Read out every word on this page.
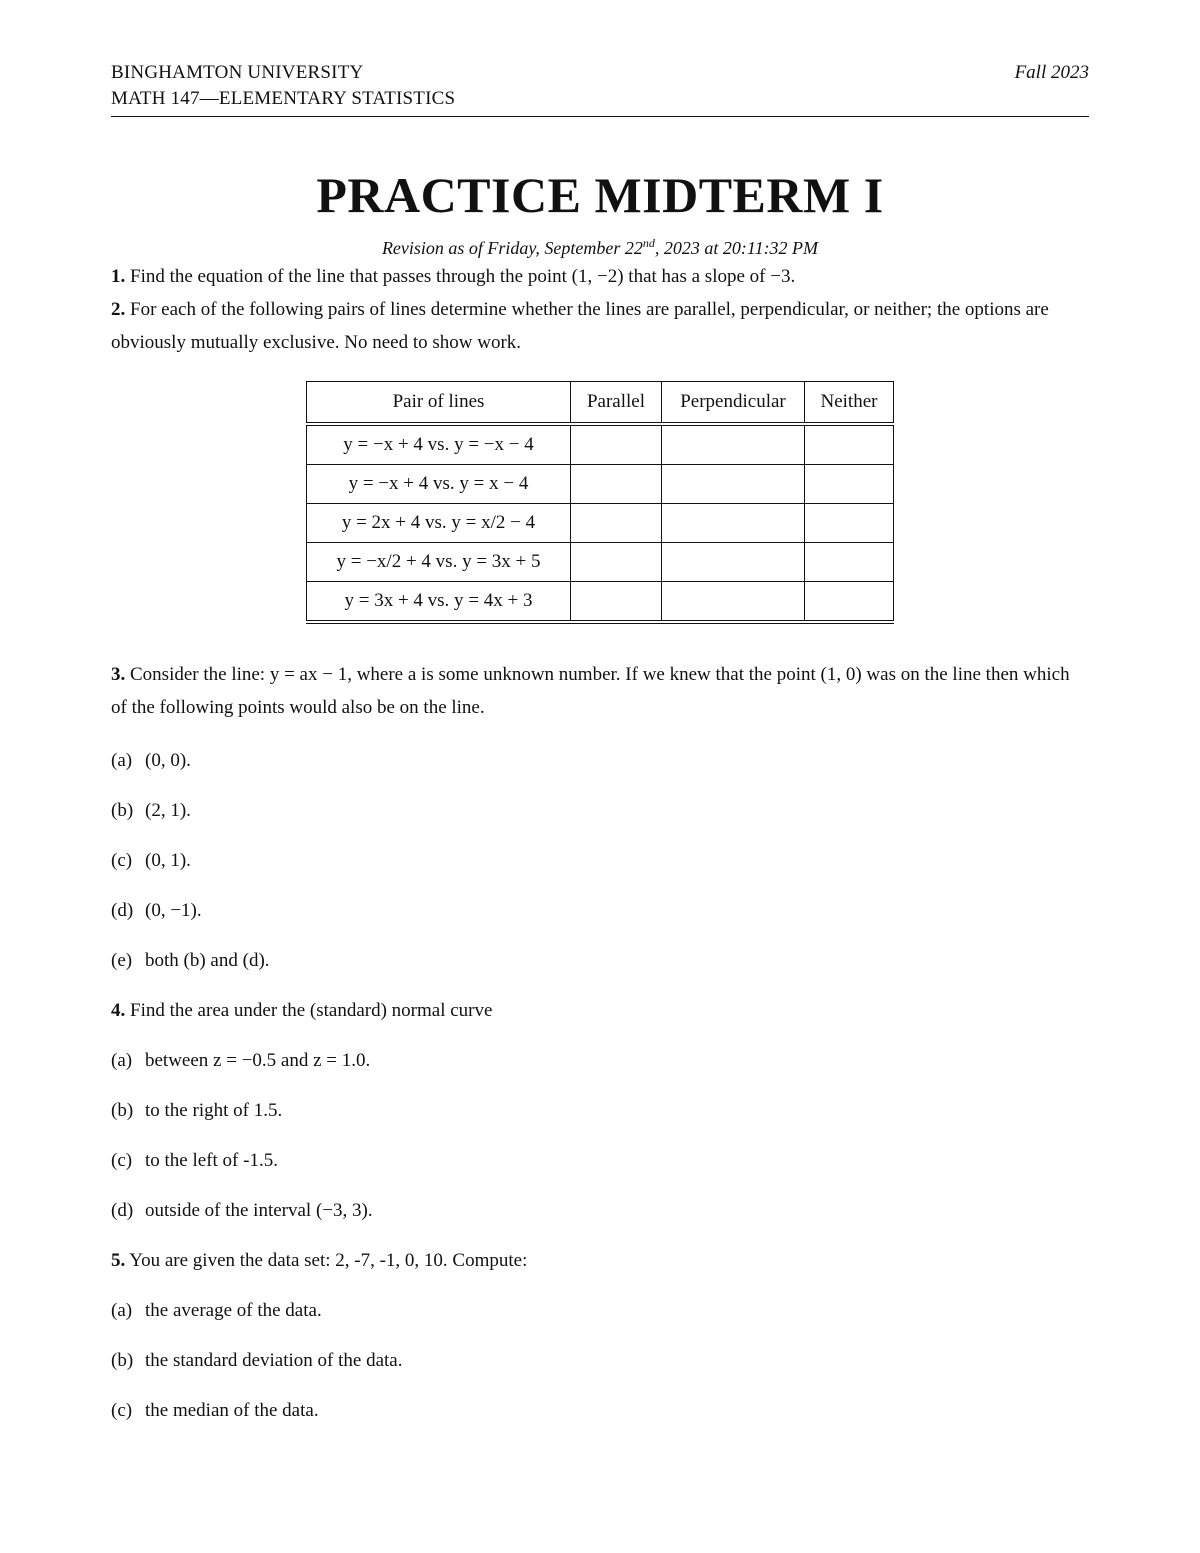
BINGHAMTON UNIVERSITY	Fall 2023
MATH 147—ELEMENTARY STATISTICS
PRACTICE MIDTERM I
Revision as of Friday, September 22nd, 2023 at 20:11:32 PM

1. Find the equation of the line that passes through the point (1, −2) that has a slope of −3.

2. For each of the following pairs of lines determine whether the lines are parallel, perpendicular, or neither; the options are obviously mutually exclusive. No need to show work.

Pair of lines	Parallel	Perpendicular	Neither
y = −x + 4 vs. y = −x − 4			
y = −x + 4 vs. y = x − 4			
y = 2x + 4 vs. y = x/2 − 4			
y = −x/2 + 4 vs. y = 3x + 5			
y = 3x + 4 vs. y = 4x + 3			

3. Consider the line: y = ax − 1, where a is some unknown number. If we knew that the point (1, 0) was on the line then which of the following points would also be on the line.

(a) (0, 0).

(b) (2, 1).

(c) (0, 1).

(d) (0, −1).

(e) both (b) and (d).

4. Find the area under the (standard) normal curve

(a) between z = −0.5 and z = 1.0.

(b) to the right of 1.5.

(c) to the left of -1.5.

(d) outside of the interval (−3, 3).

5. You are given the data set: 2, -7, -1, 0, 10. Compute:

(a) the average of the data.

(b) the standard deviation of the data.

(c) the median of the data.
